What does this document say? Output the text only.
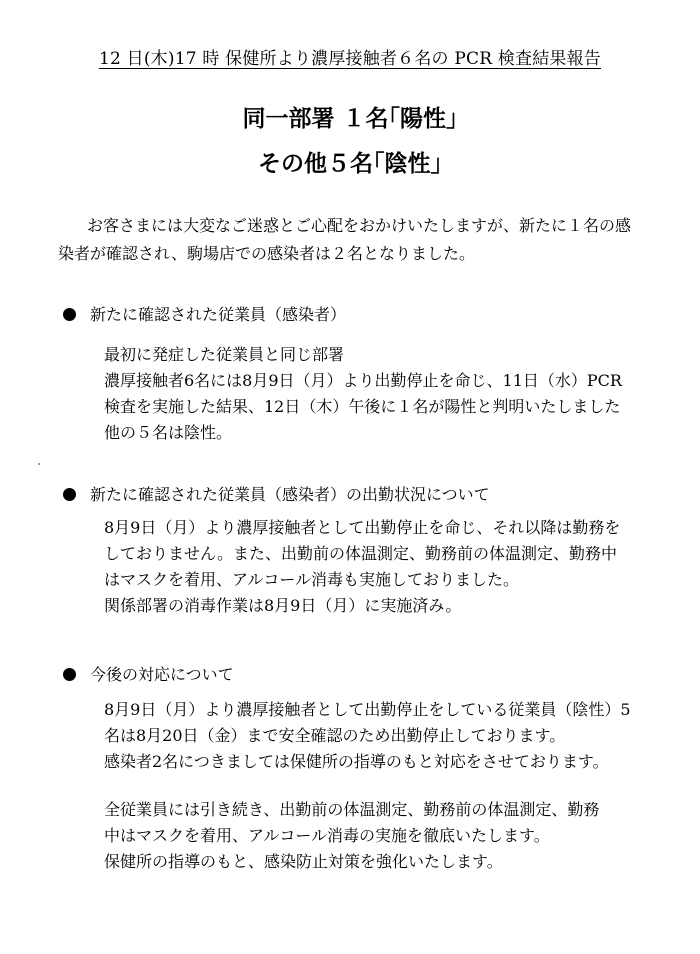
12 日(木)17 時 保健所より濃厚接触者６名の PCR 検査結果報告
同一部署 １名｢陽性｣
その他５名｢陰性｣

お客さまには大変なご迷惑とご心配をおかけいたしますが、新たに１名の感

染者が確認され、駒場店での感染者は２名となりました。

新たに確認された従業員（感染者）

最初に発症した従業員と同じ部署

濃厚接触者6名には8月9日（月）より出勤停止を命じ、11日（水）PCR

検査を実施した結果、12日（木）午後に１名が陽性と判明いたしました

他の５名は陰性。

新たに確認された従業員（感染者）の出勤状況について

8月9日（月）より濃厚接触者として出勤停止を命じ、それ以降は勤務を

しておりません。また、出勤前の体温測定、勤務前の体温測定、勤務中

はマスクを着用、アルコール消毒も実施しておりました。

関係部署の消毒作業は8月9日（月）に実施済み。

今後の対応について

8月9日（月）より濃厚接触者として出勤停止をしている従業員（陰性）5

名は8月20日（金）まで安全確認のため出勤停止しております。

感染者2名につきましては保健所の指導のもと対応をさせております。

全従業員には引き続き、出勤前の体温測定、勤務前の体温測定、勤務

中はマスクを着用、アルコール消毒の実施を徹底いたします。

保健所の指導のもと、感染防止対策を強化いたします。
